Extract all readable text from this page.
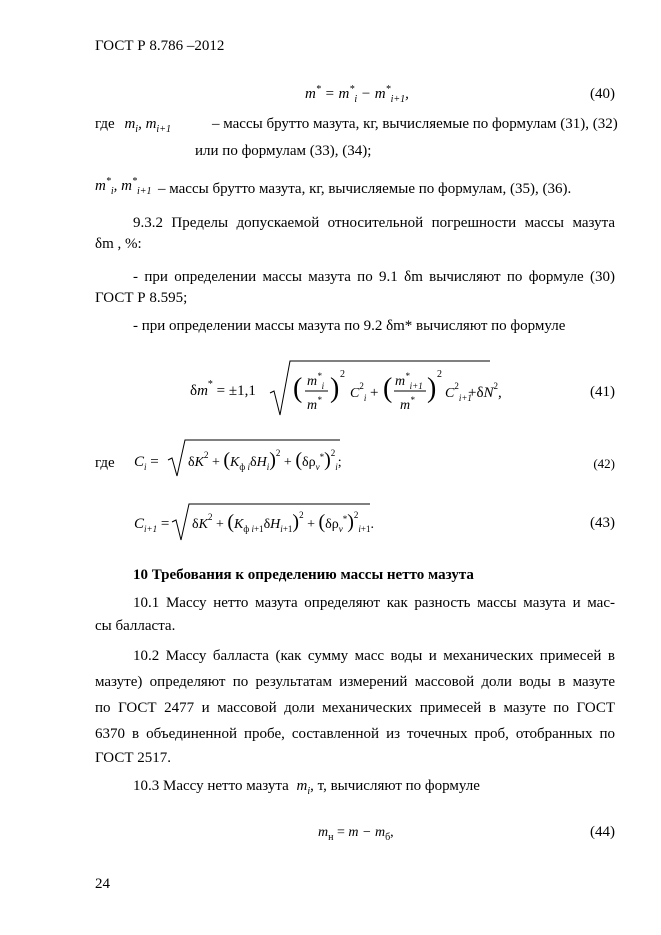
ГОСТ Р 8.786 –2012
$m^* = m^*_i - m^*_{i+1}$,	(40)
где $m_i$, $m_{i+1}$	– массы брутто мазута, кг, вычисляемые по формулам (31), (32)
или по формулам (33), (34);
$m^*_i$, $m^*_{i+1}$ – массы брутто мазута, кг, вычисляемые по формулам, (35), (36).
9.3.2 Пределы допускаемой относительной погрешности массы мазута
δm , %:
- при определении массы мазута по 9.1 δm вычисляют по формуле (30)
ГОСТ Р 8.595;
- при определении массы мазута по 9.2 δm* вычисляют по формуле
δm* = ±1,1 ( $m^*_i$
m* ) 2
$C^2_i$ + ( $m^*_{i+1}$
m* ) 2
$C^2_{i+1}$
$+\delta N^2$,	(41)
где $C_i = \delta K^2 + (K_ф$ $i\delta H_i)^2 + (\delta\rho_v^*)^2_i$;	(42)
$C_{i+1} = \delta K^2 + (K_ф$ $i+1\delta H_i+1)^2 + (\delta\rho_v^*)^2_i+1$.	(43)
10 Требования к определению массы нетто мазута
10.1 Массу нетто мазута определяют как разность массы мазута и мас-
сы балласта.
10.2 Массу балласта (как сумму масс воды и механических примесей в
мазуте) определяют по результатам измерений массовой доли воды в мазуте
по ГОСТ 2477 и массовой доли механических примесей в мазуте по ГОСТ
6370 в объединенной пробе, составленной из точечных проб, отобранных по
ГОСТ 2517.
10.3 Массу нетто мазута $m_i$, т, вычисляют по формуле
$m_н = m - m_б$,	(44)
24
